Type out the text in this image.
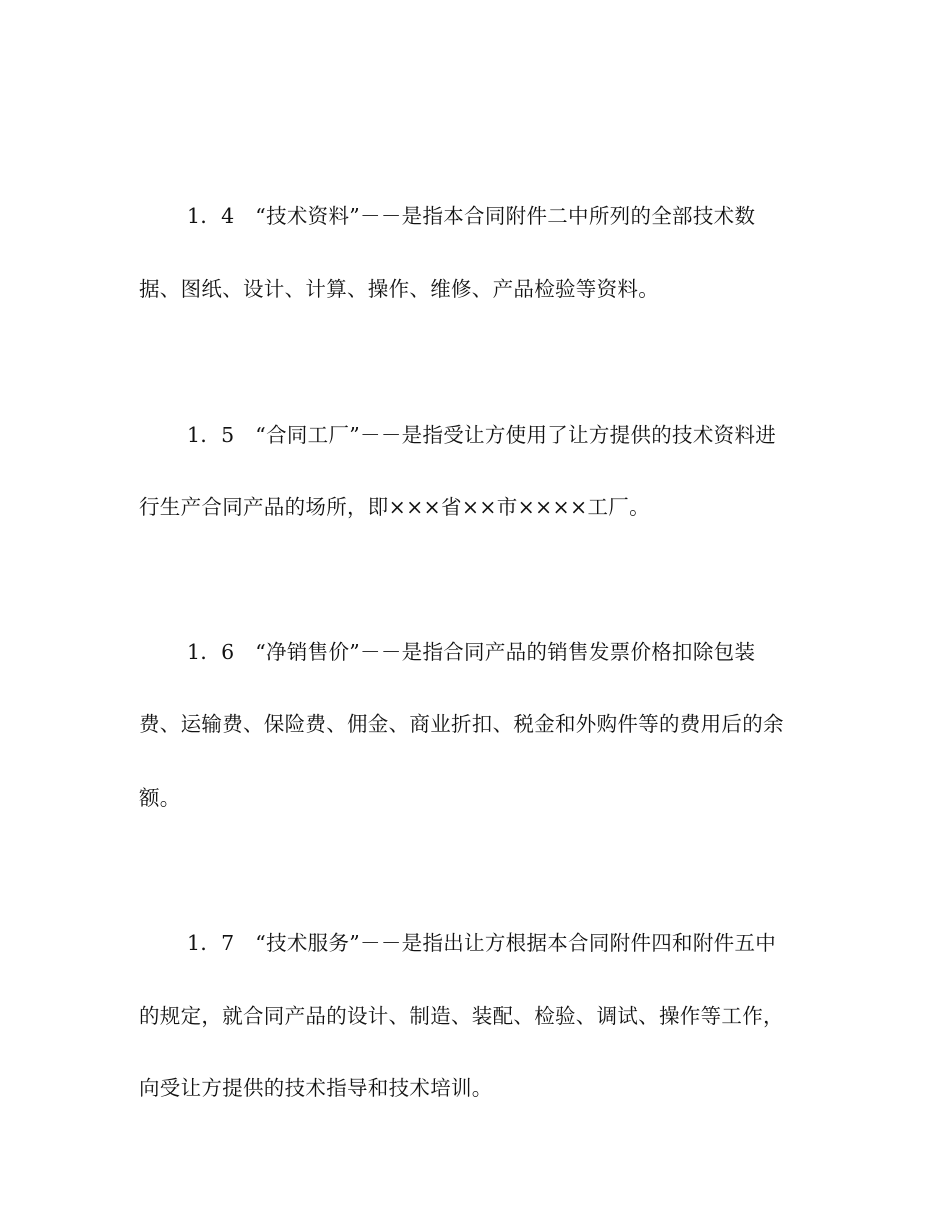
1．4　“技术资料”－－是指本合同附件二中所列的全部技术数
据、图纸、设计、计算、操作、维修、产品检验等资料。
1．5　“合同工厂”－－是指受让方使用了让方提供的技术资料进
行生产合同产品的场所，即×××省××市××××工厂。
1．6　“净销售价”－－是指合同产品的销售发票价格扣除包装
费、运输费、保险费、佣金、商业折扣、税金和外购件等的费用后的余
额。
1．7　“技术服务”－－是指出让方根据本合同附件四和附件五中
的规定，就合同产品的设计、制造、装配、检验、调试、操作等工作，
向受让方提供的技术指导和技术培训。
